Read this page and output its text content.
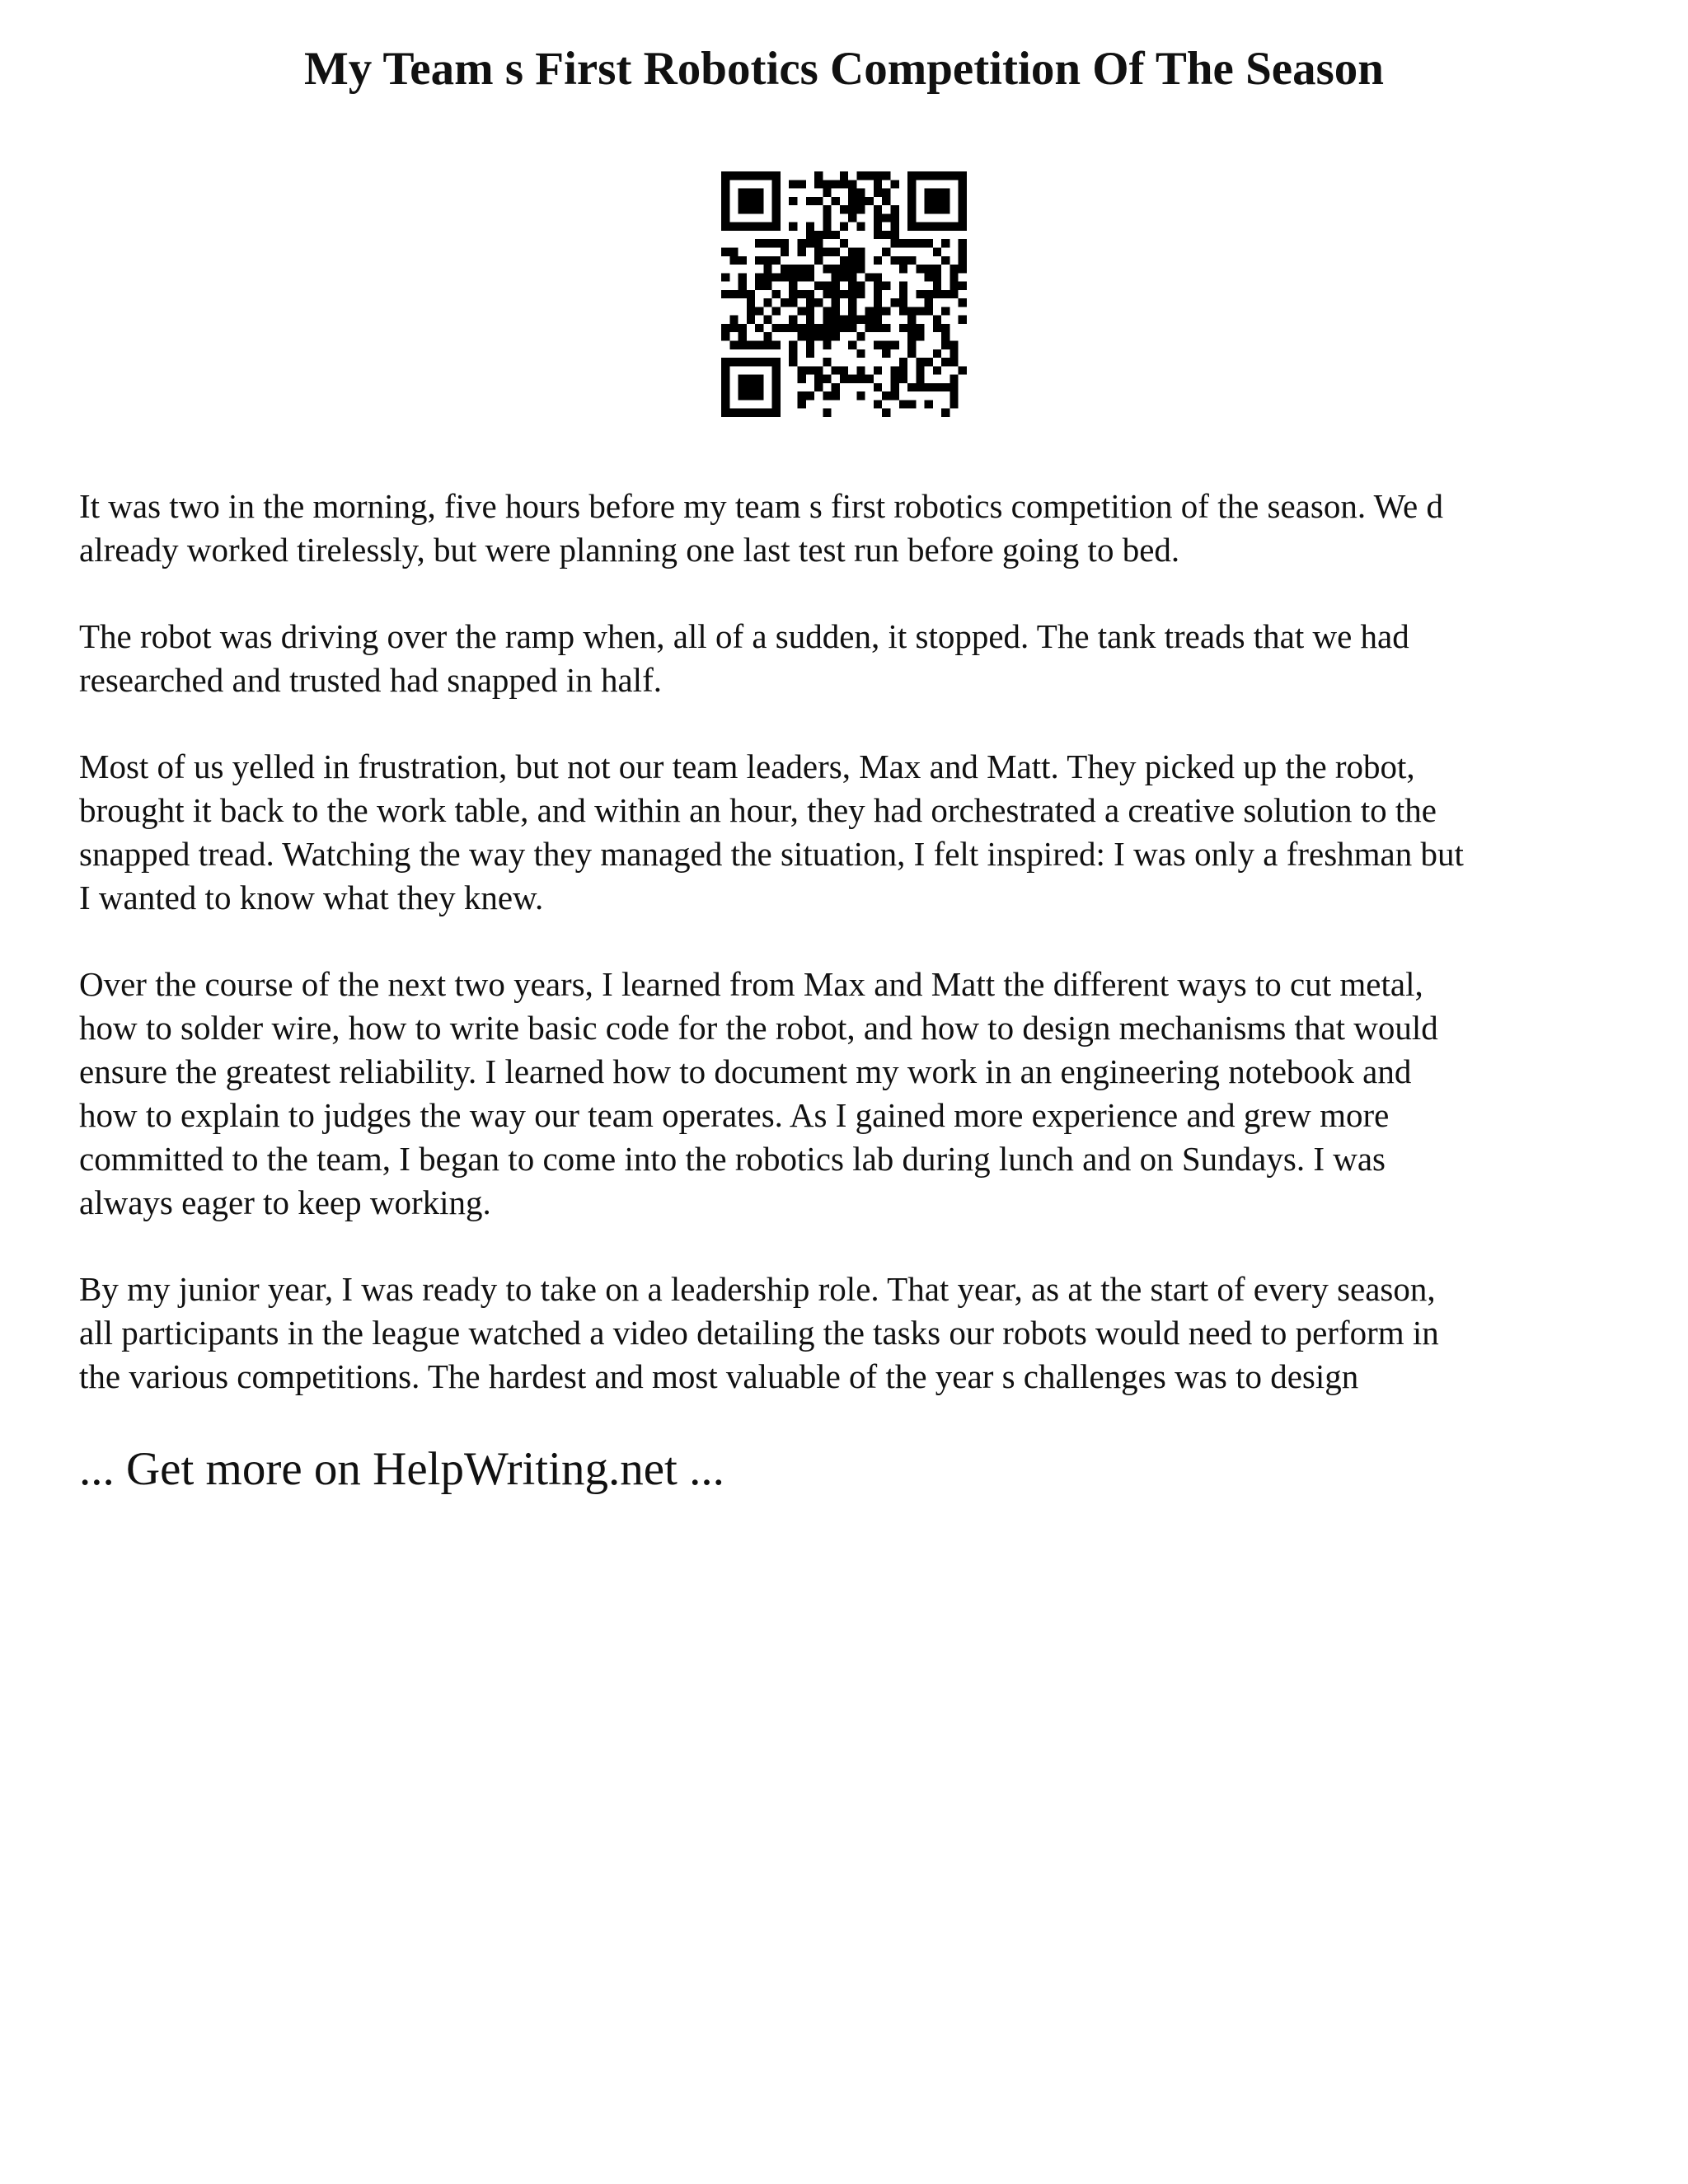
My Team s First Robotics Competition Of The Season

It was two in the morning, five hours before my team s first robotics competition of the season. We d
already worked tirelessly, but were planning one last test run before going to bed.

The robot was driving over the ramp when, all of a sudden, it stopped. The tank treads that we had
researched and trusted had snapped in half.

Most of us yelled in frustration, but not our team leaders, Max and Matt. They picked up the robot,
brought it back to the work table, and within an hour, they had orchestrated a creative solution to the
snapped tread. Watching the way they managed the situation, I felt inspired: I was only a freshman but
I wanted to know what they knew.

Over the course of the next two years, I learned from Max and Matt the different ways to cut metal,
how to solder wire, how to write basic code for the robot, and how to design mechanisms that would
ensure the greatest reliability. I learned how to document my work in an engineering notebook and
how to explain to judges the way our team operates. As I gained more experience and grew more
committed to the team, I began to come into the robotics lab during lunch and on Sundays. I was
always eager to keep working.

By my junior year, I was ready to take on a leadership role. That year, as at the start of every season,
all participants in the league watched a video detailing the tasks our robots would need to perform in
the various competitions. The hardest and most valuable of the year s challenges was to design

... Get more on HelpWriting.net ...
